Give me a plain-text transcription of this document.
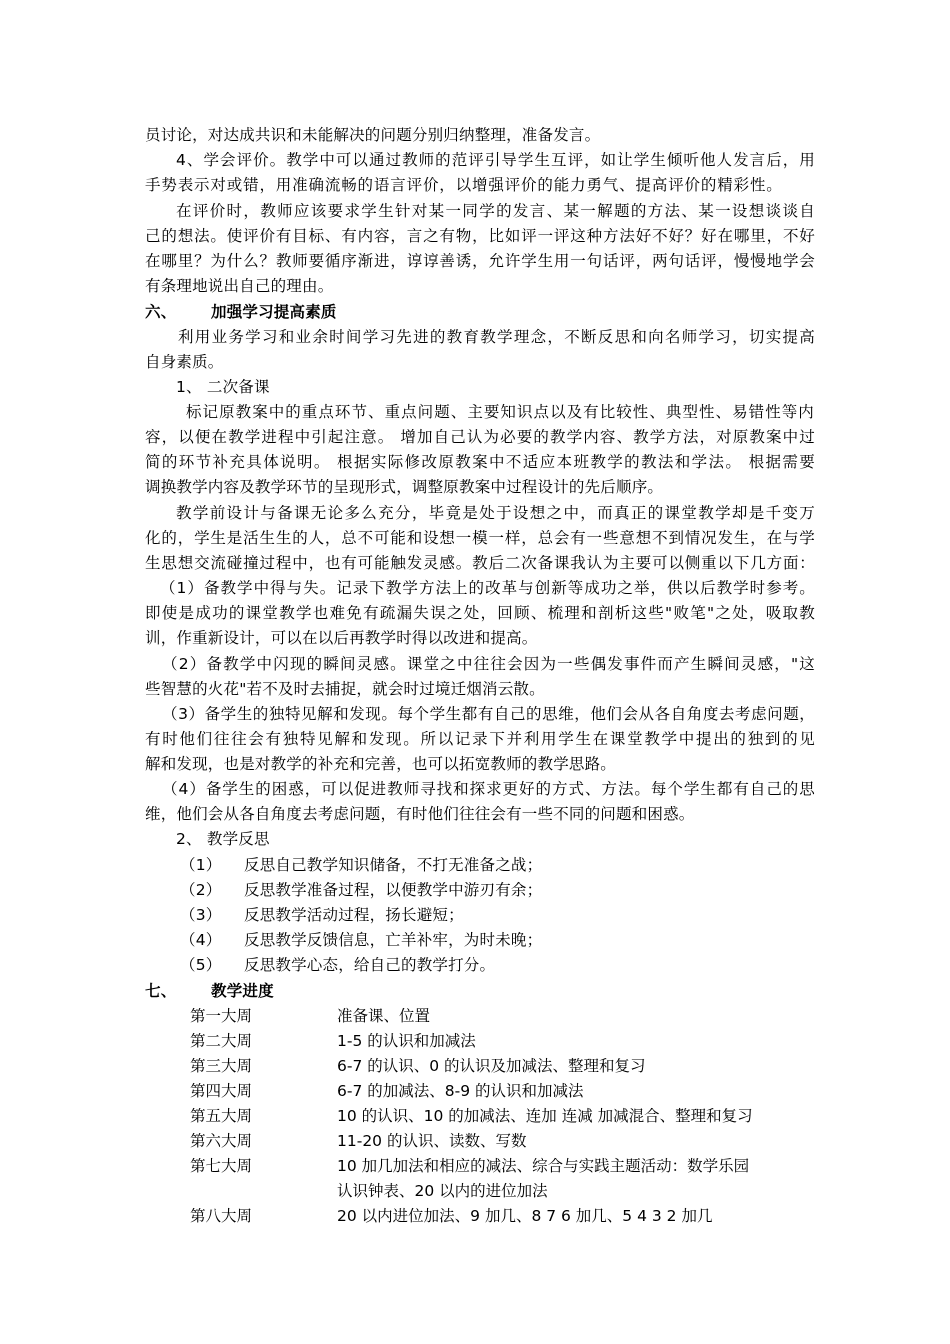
员讨论，对达成共识和未能解决的问题分别归纳整理，准备发言。
4、学会评价。教学中可以通过教师的范评引导学生互评，如让学生倾听他人发言后，用
手势表示对或错，用准确流畅的语言评价，以增强评价的能力勇气、提高评价的精彩性。
在评价时，教师应该要求学生针对某一同学的发言、某一解题的方法、某一设想谈谈自
己的想法。使评价有目标、有内容，言之有物，比如评一评这种方法好不好？好在哪里，不好
在哪里？为什么？教师要循序渐进，谆谆善诱，允许学生用一句话评，两句话评，慢慢地学会
有条理地说出自己的理由。
六、 加强学习提高素质
利用业务学习和业余时间学习先进的教育教学理念，不断反思和向名师学习，切实提高
自身素质。
1、 二次备课
标记原教案中的重点环节、重点问题、主要知识点以及有比较性、典型性、易错性等内
容，以便在教学进程中引起注意。 增加自己认为必要的教学内容、教学方法，对原教案中过
简的环节补充具体说明。 根据实际修改原教案中不适应本班教学的教法和学法。 根据需要
调换教学内容及教学环节的呈现形式，调整原教案中过程设计的先后顺序。
教学前设计与备课无论多么充分，毕竟是处于设想之中，而真正的课堂教学却是千变万
化的，学生是活生生的人，总不可能和设想一模一样，总会有一些意想不到情况发生，在与学
生思想交流碰撞过程中，也有可能触发灵感。教后二次备课我认为主要可以侧重以下几方面：
（1）备教学中得与失。记录下教学方法上的改革与创新等成功之举，供以后教学时参考。
即使是成功的课堂教学也难免有疏漏失误之处，回顾、梳理和剖析这些"败笔"之处，吸取教
训，作重新设计，可以在以后再教学时得以改进和提高。
（2）备教学中闪现的瞬间灵感。课堂之中往往会因为一些偶发事件而产生瞬间灵感，"这
些智慧的火花"若不及时去捕捉，就会时过境迁烟消云散。
（3）备学生的独特见解和发现。每个学生都有自己的思维，他们会从各自角度去考虑问题，
有时他们往往会有独特见解和发现。所以记录下并利用学生在课堂教学中提出的独到的见
解和发现，也是对教学的补充和完善，也可以拓宽教师的教学思路。
（4）备学生的困惑，可以促进教师寻找和探求更好的方式、方法。每个学生都有自己的思
维，他们会从各自角度去考虑问题，有时他们往往会有一些不同的问题和困惑。
2、 教学反思
（1） 反思自己教学知识储备，不打无准备之战；
（2） 反思教学准备过程，以便教学中游刃有余；
（3） 反思教学活动过程，扬长避短；
（4） 反思教学反馈信息，亡羊补牢，为时未晚；
（5） 反思教学心态，给自己的教学打分。
七、 教学进度
第一大周	准备课、位置
第二大周	1-5 的认识和加减法
第三大周	6-7 的认识、0 的认识及加减法、整理和复习
第四大周	6-7 的加减法、8-9 的认识和加减法
第五大周	10 的认识、10 的加减法、连加 连减 加减混合、整理和复习
第六大周	11-20 的认识、读数、写数
第七大周	10 加几加法和相应的减法、综合与实践主题活动：数学乐园
认识钟表、20 以内的进位加法
第八大周	20 以内进位加法、9 加几、8 7 6 加几、5 4 3 2 加几
